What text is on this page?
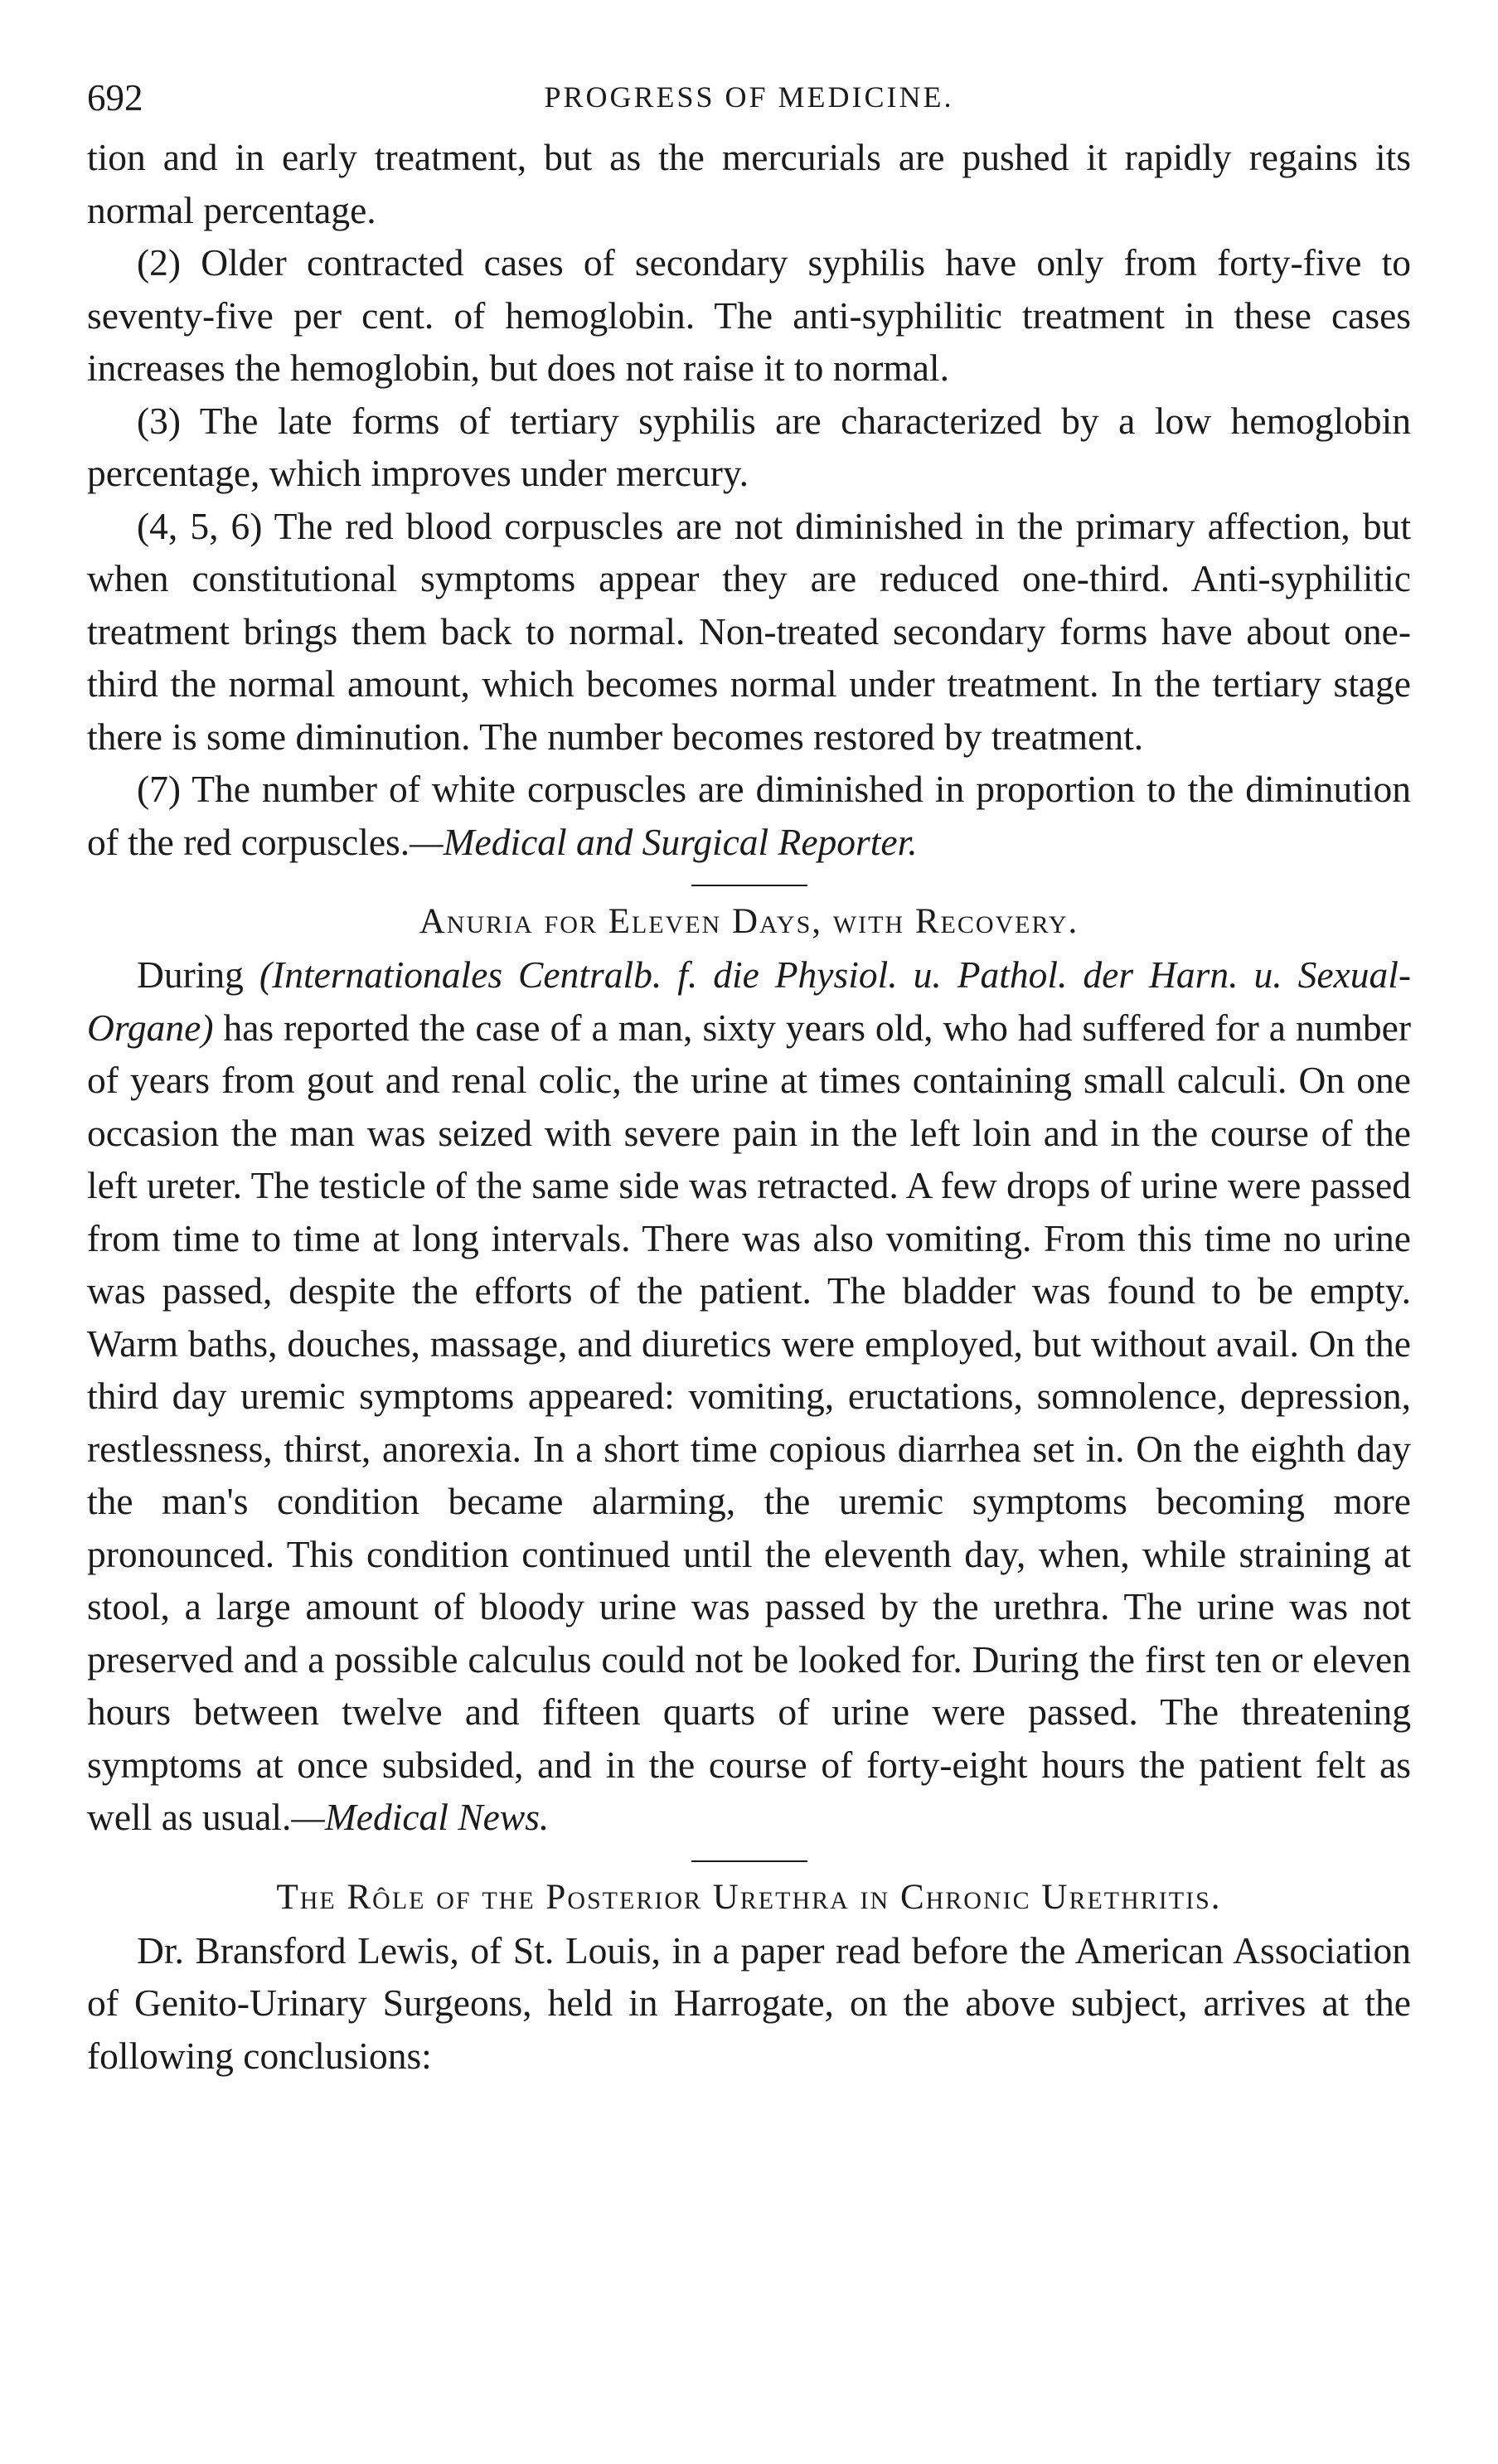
692	PROGRESS OF MEDICINE.

tion and in early treatment, but as the mercurials are pushed it rapidly regains its normal percentage.

(2) Older contracted cases of secondary syphilis have only from forty-five to seventy-five per cent. of hemoglobin. The anti-syphilitic treatment in these cases increases the hemoglobin, but does not raise it to normal.

(3) The late forms of tertiary syphilis are characterized by a low hemoglobin percentage, which improves under mercury.

(4, 5, 6) The red blood corpuscles are not diminished in the primary affection, but when constitutional symptoms appear they are reduced one-third. Anti-syphilitic treatment brings them back to normal. Non-treated secondary forms have about one-third the normal amount, which becomes normal under treatment. In the tertiary stage there is some diminution. The number becomes restored by treatment.

(7) The number of white corpuscles are diminished in proportion to the diminution of the red corpuscles.—Medical and Surgical Reporter.

Anuria for Eleven Days, with Recovery.

During (Internationales Centralb. f. die Physiol. u. Pathol. der Harn. u. Sexual-Organe) has reported the case of a man, sixty years old, who had suffered for a number of years from gout and renal colic, the urine at times containing small calculi. On one occasion the man was seized with severe pain in the left loin and in the course of the left ureter. The testicle of the same side was retracted. A few drops of urine were passed from time to time at long intervals. There was also vomiting. From this time no urine was passed, despite the efforts of the patient. The bladder was found to be empty. Warm baths, douches, massage, and diuretics were employed, but without avail. On the third day uremic symptoms appeared: vomiting, eructations, somnolence, depression, restlessness, thirst, anorexia. In a short time copious diarrhea set in. On the eighth day the man's condition became alarming, the uremic symptoms becoming more pronounced. This condition continued until the eleventh day, when, while straining at stool, a large amount of bloody urine was passed by the urethra. The urine was not preserved and a possible calculus could not be looked for. During the first ten or eleven hours between twelve and fifteen quarts of urine were passed. The threatening symptoms at once subsided, and in the course of forty-eight hours the patient felt as well as usual.—Medical News.

The Rôle of the Posterior Urethra in Chronic Urethritis.

Dr. Bransford Lewis, of St. Louis, in a paper read before the American Association of Genito-Urinary Surgeons, held in Harrogate, on the above subject, arrives at the following conclusions:
